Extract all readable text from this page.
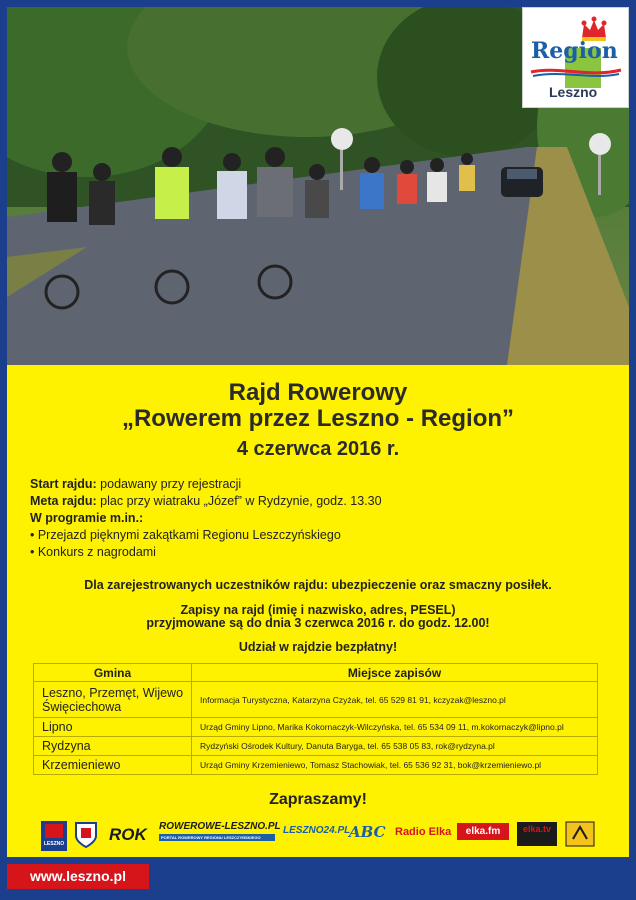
Region
Leszno
Rajd Rowerowy
„Rowerem przez Leszno - Region”
4 czerwca 2016 r.
Start rajdu: podawany przy rejestracji
Meta rajdu: plac przy wiatraku „Józef” w Rydzynie, godz. 13.30
W programie m.in.:
• Przejazd pięknymi zakątkami Regionu Leszczyńskiego
• Konkurs z nagrodami
Dla zarejestrowanych uczestników rajdu: ubezpieczenie oraz smaczny posiłek.
Zapisy na rajd (imię i nazwisko, adres, PESEL)
przyjmowane są do dnia 3 czerwca 2016 r. do godz. 12.00!
Udział w rajdzie bezpłatny!
Gmina	Miejsce zapisów
Leszno, Przemęt, Wijewo Święciechowa	Informacja Turystyczna, Katarzyna Czyżak, tel. 65 529 81 91, kczyzak@leszno.pl
Lipno	Urząd Gminy Lipno, Marika Kokornaczyk-Wilczyńska, tel. 65 534 09 11, m.kokornaczyk@lipno.pl
Rydzyna	Rydzyński Ośrodek Kultury, Danuta Baryga, tel. 65 538 05 83, rok@rydzyna.pl
Krzemieniewo	Urząd Gminy Krzemieniewo, Tomasz Stachowiak, tel. 65 536 92 31, bok@krzemieniewo.pl
Zapraszamy!
LESZNO	ROK ROWEROWE-LESZNO.PL
PORTAL ROWEROWY REGIONU LESZCZYŃSKIEGO
LESZNO24.PL
ABC Radio Elka	elka.fm	elka.tv
www.leszno.pl
